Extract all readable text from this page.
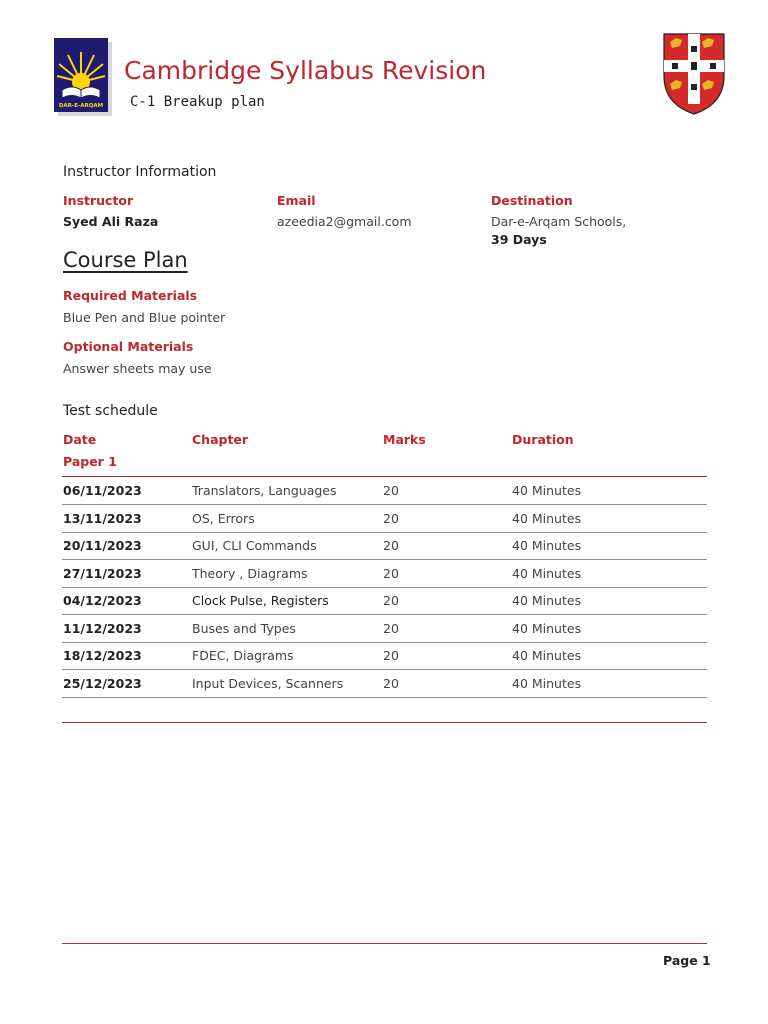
DAR-E-ARQAM
Cambridge Syllabus Revision
C-1 Breakup plan
Instructor Information
Instructor
Syed Ali Raza
Email
azeedia2@gmail.com
Destination
Dar-e-Arqam Schools,
39 Days
Course Plan
Required Materials
Blue Pen and Blue pointer
Optional Materials
Answer sheets may use
Test schedule
Date	Chapter	Marks	Duration
Paper 1
06/11/2023	Translators, Languages	20	40 Minutes
13/11/2023	OS, Errors	20	40 Minutes
20/11/2023	GUI, CLI Commands	20	40 Minutes
27/11/2023	Theory , Diagrams	20	40 Minutes
04/12/2023	Clock Pulse, Registers	20	40 Minutes
11/12/2023	Buses and Types	20	40 Minutes
18/12/2023	FDEC, Diagrams	20	40 Minutes
25/12/2023	Input Devices, Scanners	20	40 Minutes
Page 1
